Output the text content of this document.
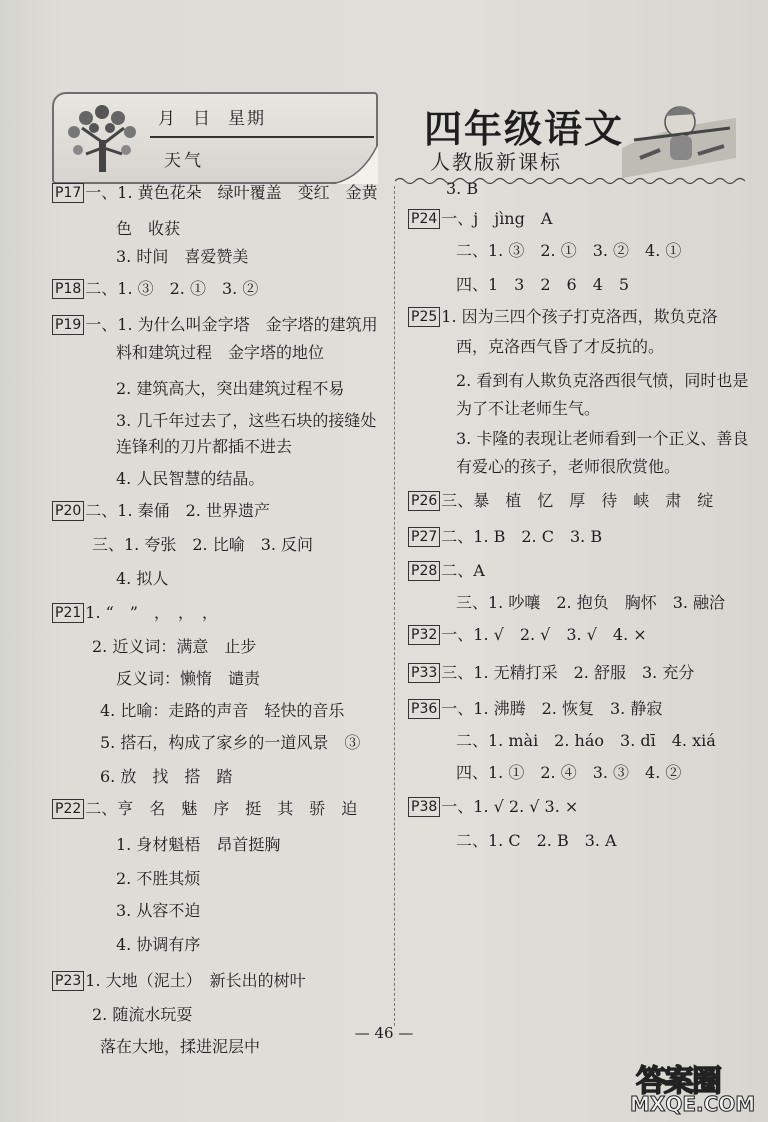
月 日 星期
天气
四年级语文
人教版新课标
P17 一、1. 黄色花朵　绿叶覆盖　变红　金黄
色　收获
3. 时间　喜爱赞美
P18 二、1. ③　2. ①　3. ②
P19 一、1. 为什么叫金字塔　金字塔的建筑用
料和建筑过程　金字塔的地位
2. 建筑高大，突出建筑过程不易
3. 几千年过去了，这些石块的接缝处
连锋利的刀片都插不进去
4. 人民智慧的结晶。
P20 二、1. 秦俑　2. 世界遗产
三、1. 夸张　2. 比喻　3. 反问
4. 拟人
P21 1. “　”　，　，　，
2. 近义词：满意　止步
反义词：懒惰　谴责
4. 比喻：走路的声音　轻快的音乐
5. 搭石，构成了家乡的一道风景　③
6. 放　找　搭　踏
P22 二、亨　名　魅　序　挺　其　骄　迫
1. 身材魁梧　昂首挺胸
2. 不胜其烦
3. 从容不迫
4. 协调有序
P23 1. 大地（泥土）　新长出的树叶
2. 随流水玩耍
落在大地，揉进泥层中
3. B
P24 一、j　jìng　A
二、1. ③　2. ①　3. ②　4. ①
四、1　3　2　6　4　5
P25 1. 因为三四个孩子打克洛西，欺负克洛
西，克洛西气昏了才反抗的。
2. 看到有人欺负克洛西很气愤，同时也是
为了不让老师生气。
3. 卡隆的表现让老师看到一个正义、善良
有爱心的孩子，老师很欣赏他。
P26 三、暴　植　忆　厚　待　峡　肃　绽
P27 二、1. B　2. C　3. B
P28 二、A
三、1. 吵嚷　2. 抱负　胸怀　3. 融洽
P32 一、1. √　2. √　3. √　4. ×
P33 三、1. 无精打采　2. 舒服　3. 充分
P36 一、1. 沸腾　2. 恢复　3. 静寂
二、1. mài　2. háo　3. dī　4. xiá
四、1. ①　2. ④　3. ③　4. ②
P38 一、1. √ 2. √ 3. ×
二、1. C　2. B　3. A
— 46 —
答案圈
MXQE.COM
